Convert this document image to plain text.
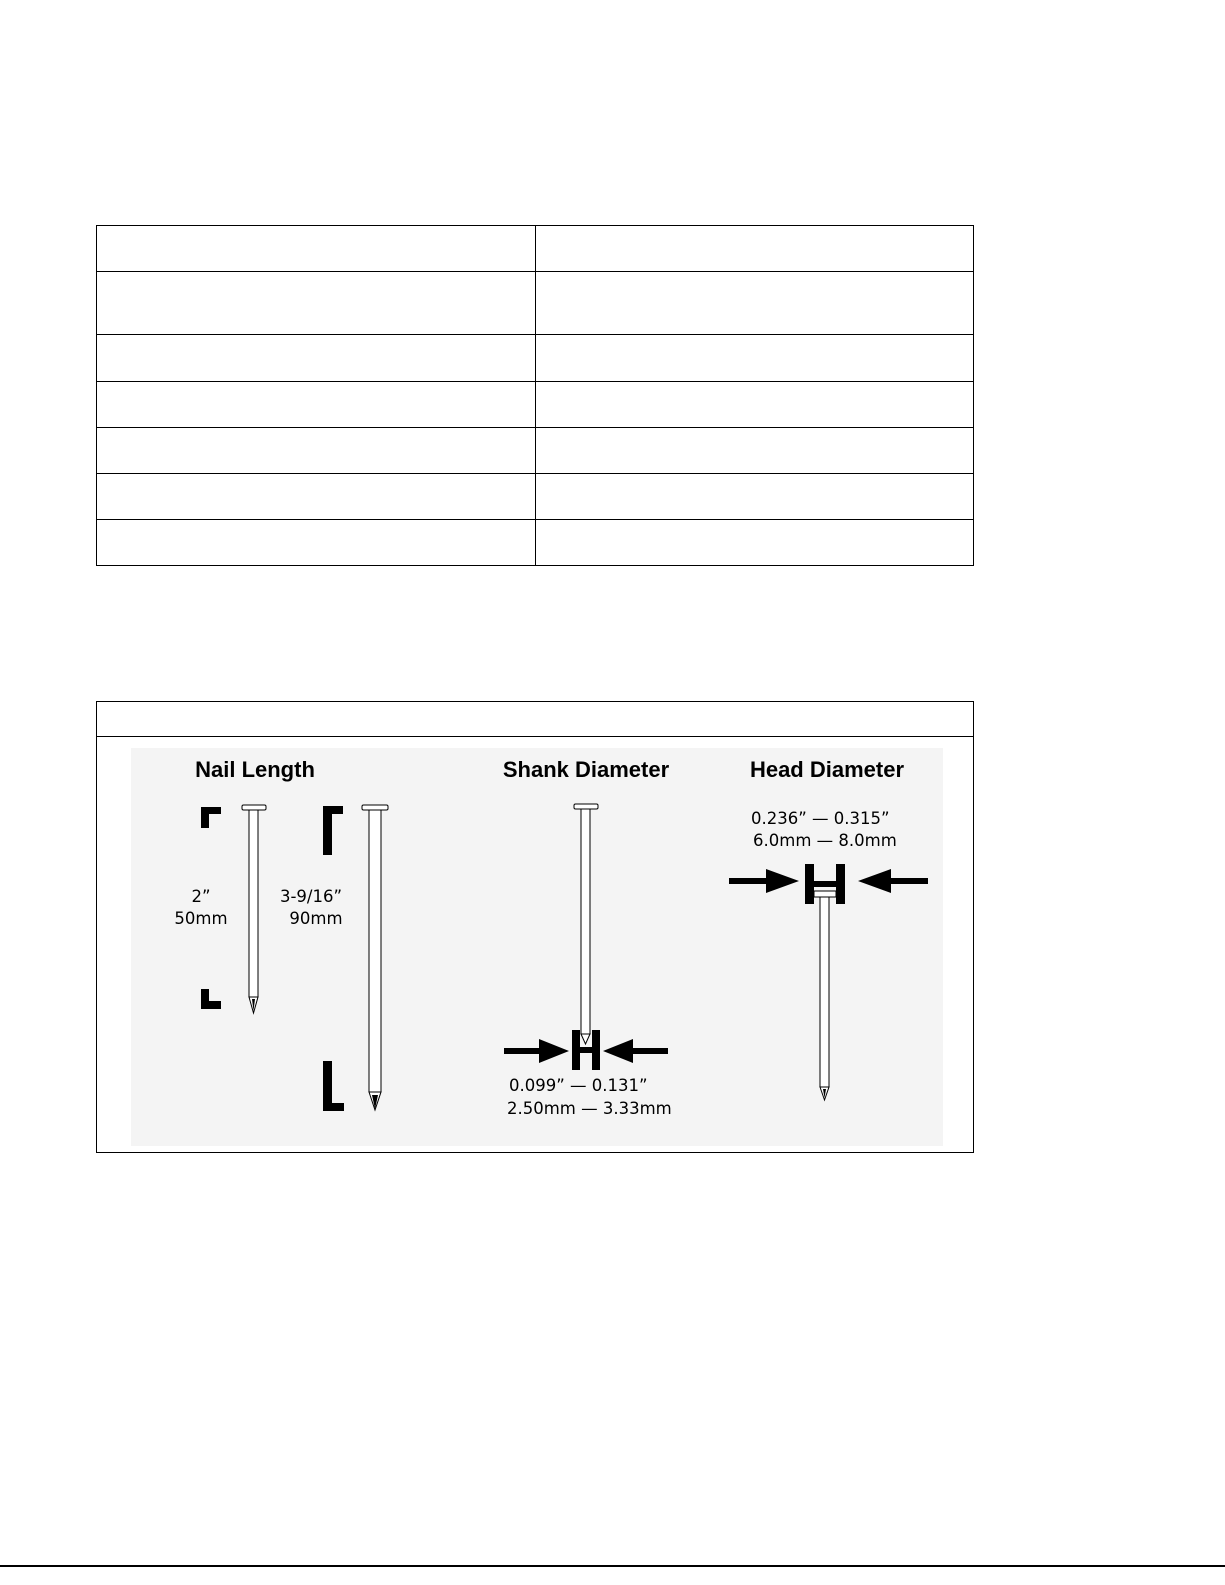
Nail Length
2”
50mm
3-9/16”
90mm
Shank Diameter
0.099” — 0.131”
2.50mm — 3.33mm
Head Diameter
0.236” — 0.315”
6.0mm — 8.0mm
